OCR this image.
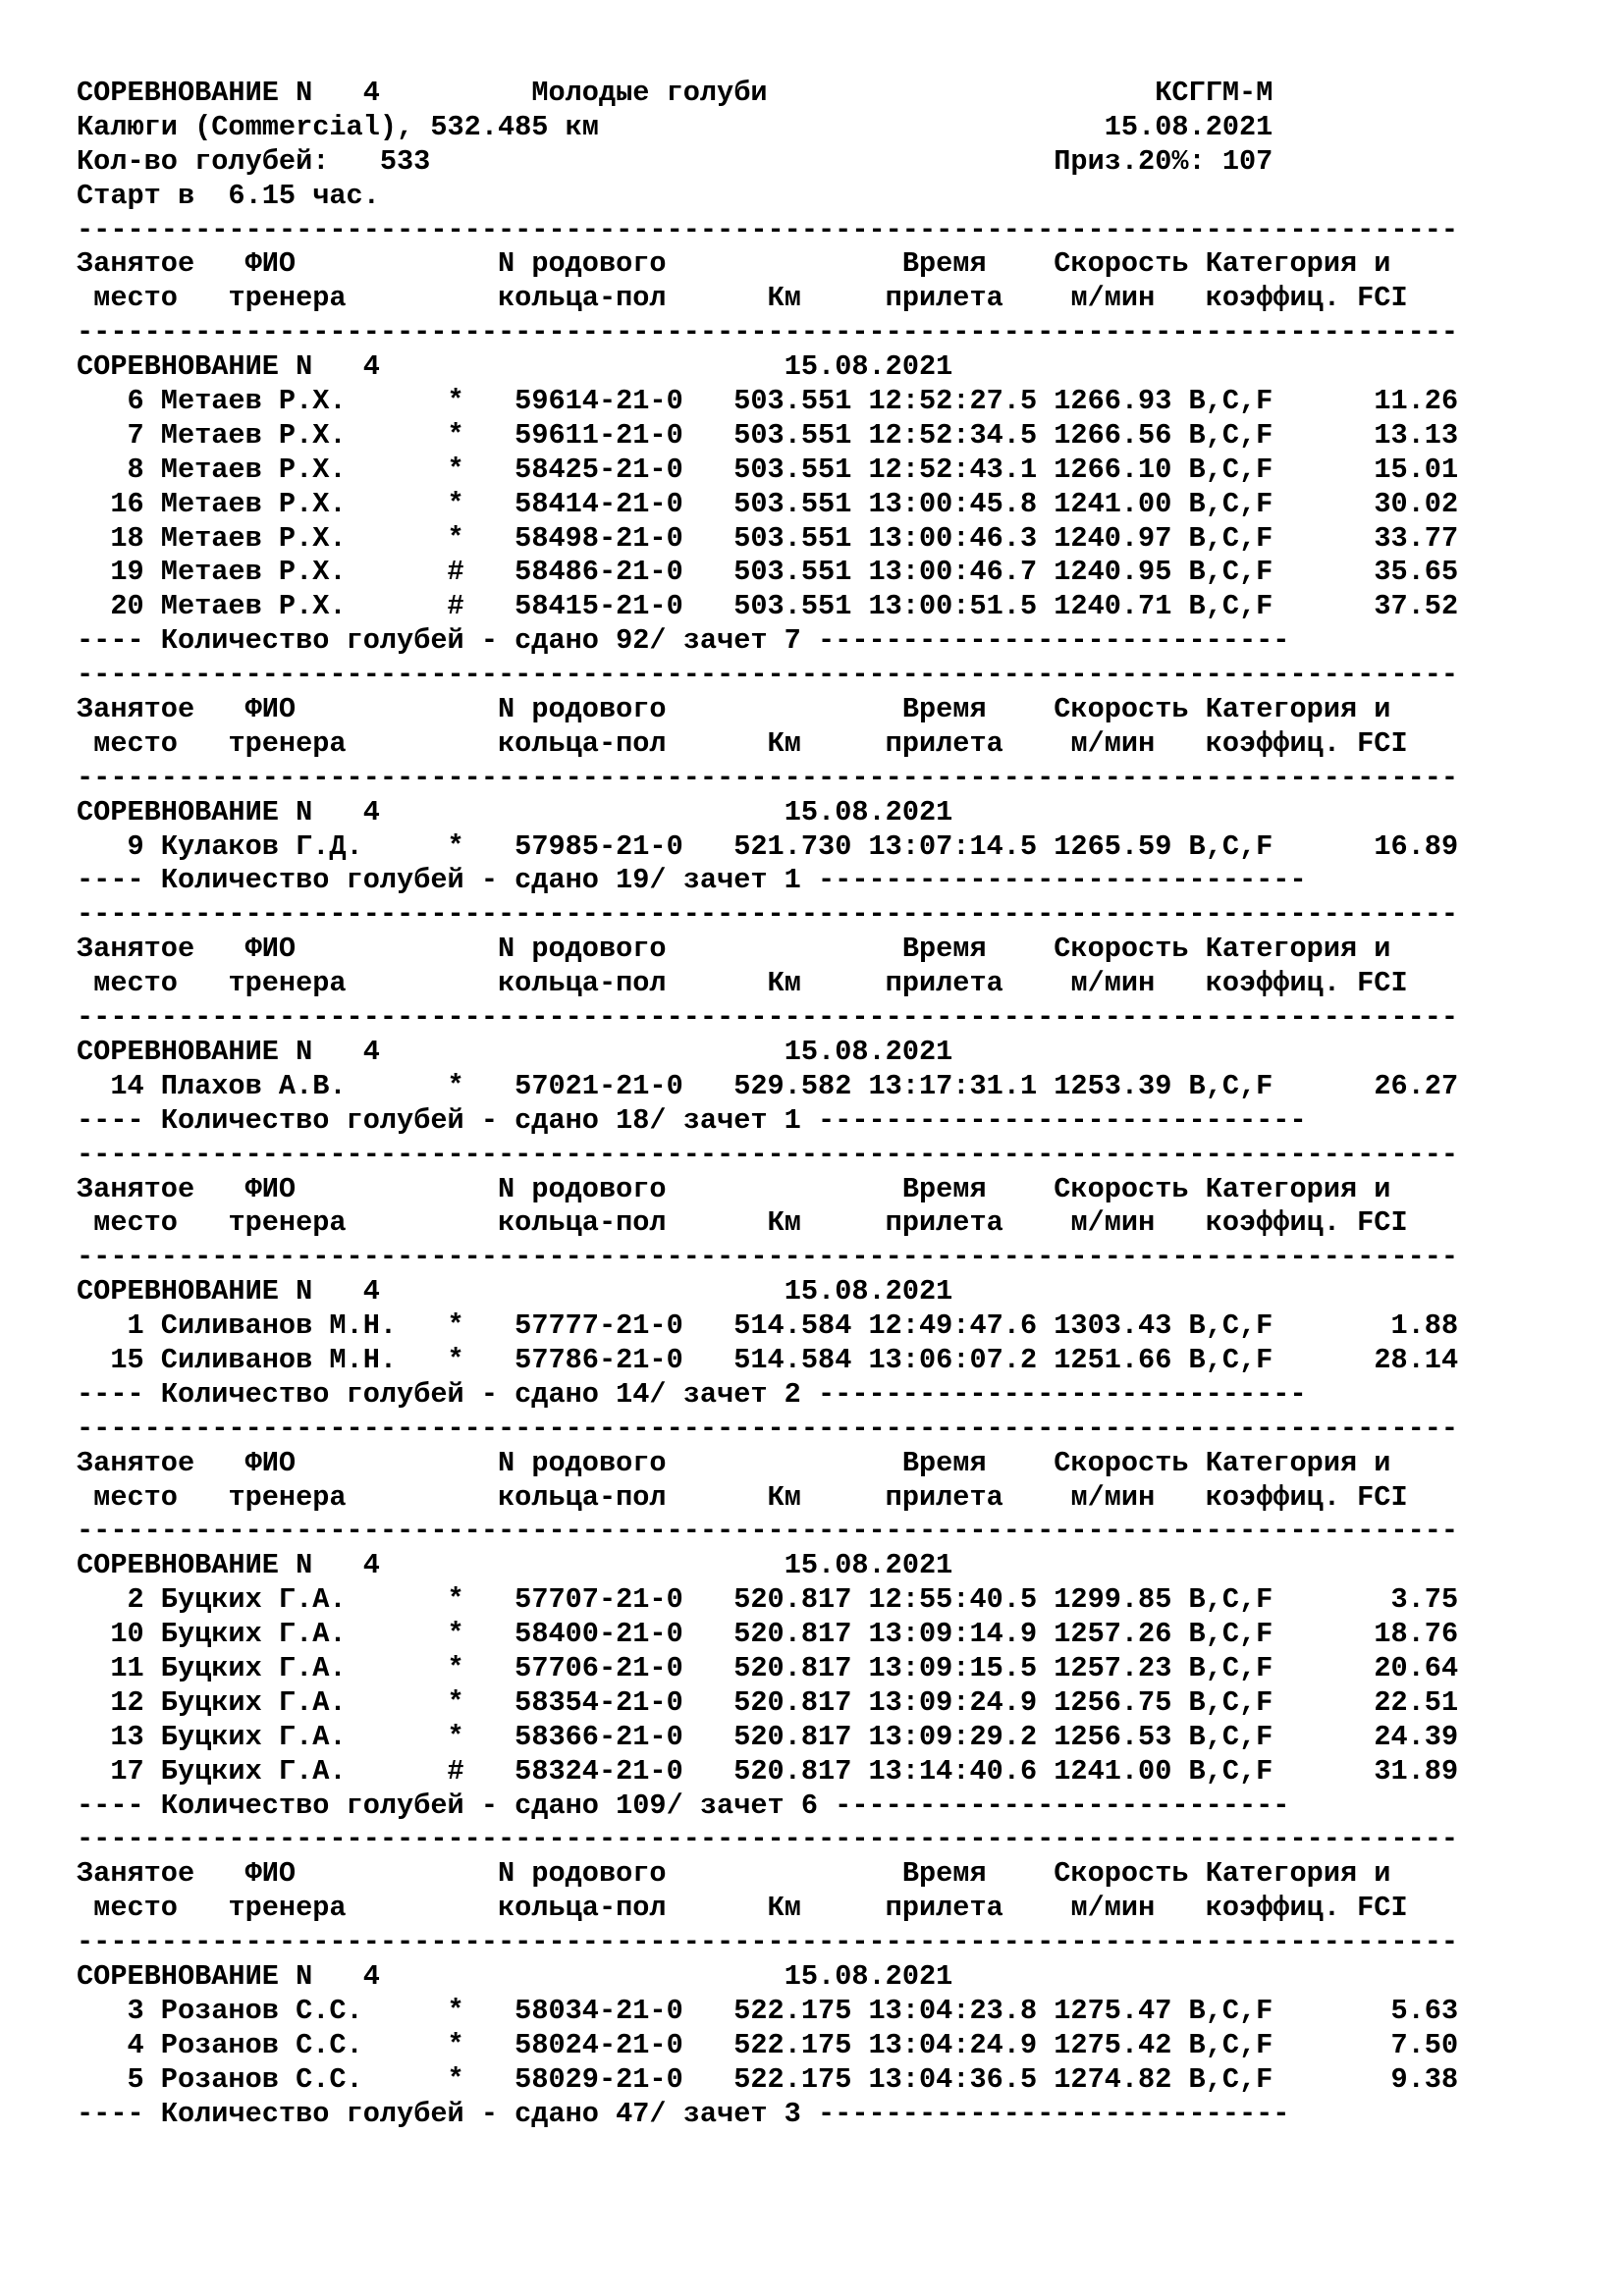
СОРЕВНОВАНИЕ N   4	Молодые голуби	КСГГМ-М
Калюги (Commercial), 532.485 км	15.08.2021
Кол-во голубей:   533	Приз.20%: 107
Старт в  6.15 час.
----------------------------------------------------------------------------------
Занятое ФИО	N родового	Время Скорость Категория и
место тренера	кольца-пол	Км	прилета м/мин коэффиц. FCI
----------------------------------------------------------------------------------
СОРЕВНОВАНИЕ N   4	15.08.2021
6 Метаев Р.Х.	* 59614-21-0 503.551 12:52:27.5 1266.93 B,C,F	11.26
7 Метаев Р.Х.	* 59611-21-0 503.551 12:52:34.5 1266.56 B,C,F	13.13
8 Метаев Р.Х.	* 58425-21-0 503.551 12:52:43.1 1266.10 B,C,F	15.01
16 Метаев Р.Х.	* 58414-21-0 503.551 13:00:45.8 1241.00 B,C,F	30.02
18 Метаев Р.Х.	* 58498-21-0 503.551 13:00:46.3 1240.97 B,C,F	33.77
19 Метаев Р.Х.	# 58486-21-0 503.551 13:00:46.7 1240.95 B,C,F	35.65
20 Метаев Р.Х.	# 58415-21-0 503.551 13:00:51.5 1240.71 B,C,F	37.52
---- Количество голубей - сдано 92/ зачет 7 ----------------------------
----------------------------------------------------------------------------------
Занятое ФИО	N родового	Время Скорость Категория и
место тренера	кольца-пол	Км	прилета м/мин коэффиц. FCI
----------------------------------------------------------------------------------
СОРЕВНОВАНИЕ N   4	15.08.2021
9 Кулаков Г.Д.	* 57985-21-0 521.730 13:07:14.5 1265.59 B,C,F	16.89
---- Количество голубей - сдано 19/ зачет 1 -----------------------------
----------------------------------------------------------------------------------
Занятое ФИО	N родового	Время Скорость Категория и
место тренера	кольца-пол	Км	прилета м/мин коэффиц. FCI
----------------------------------------------------------------------------------
СОРЕВНОВАНИЕ N   4	15.08.2021
14 Плахов А.В.	* 57021-21-0 529.582 13:17:31.1 1253.39 B,C,F	26.27
---- Количество голубей - сдано 18/ зачет 1 -----------------------------
----------------------------------------------------------------------------------
Занятое ФИО	N родового	Время Скорость Категория и
место тренера	кольца-пол	Км	прилета м/мин коэффиц. FCI
----------------------------------------------------------------------------------
СОРЕВНОВАНИЕ N   4	15.08.2021
1 Силиванов М.Н. * 57777-21-0 514.584 12:49:47.6 1303.43 B,C,F	1.88
15 Силиванов М.Н. * 57786-21-0 514.584 13:06:07.2 1251.66 B,C,F	28.14
---- Количество голубей - сдано 14/ зачет 2 -----------------------------
----------------------------------------------------------------------------------
Занятое ФИО	N родового	Время Скорость Категория и
место тренера	кольца-пол	Км	прилета м/мин коэффиц. FCI
----------------------------------------------------------------------------------
СОРЕВНОВАНИЕ N   4	15.08.2021
2 Буцких Г.А.	* 57707-21-0 520.817 12:55:40.5 1299.85 B,C,F	3.75
10 Буцких Г.А.	* 58400-21-0 520.817 13:09:14.9 1257.26 B,C,F	18.76
11 Буцких Г.А.	* 57706-21-0 520.817 13:09:15.5 1257.23 B,C,F	20.64
12 Буцких Г.А.	* 58354-21-0 520.817 13:09:24.9 1256.75 B,C,F	22.51
13 Буцких Г.А.	* 58366-21-0 520.817 13:09:29.2 1256.53 B,C,F	24.39
17 Буцких Г.А.	# 58324-21-0 520.817 13:14:40.6 1241.00 B,C,F	31.89
---- Количество голубей - сдано 109/ зачет 6 ---------------------------
----------------------------------------------------------------------------------
Занятое ФИО	N родового	Время Скорость Категория и
место тренера	кольца-пол	Км	прилета м/мин коэффиц. FCI
----------------------------------------------------------------------------------
СОРЕВНОВАНИЕ N   4	15.08.2021
3 Розанов С.С.	* 58034-21-0 522.175 13:04:23.8 1275.47 B,C,F	5.63
4 Розанов С.С.	* 58024-21-0 522.175 13:04:24.9 1275.42 B,C,F	7.50
5 Розанов С.С.	* 58029-21-0 522.175 13:04:36.5 1274.82 B,C,F	9.38
---- Количество голубей - сдано 47/ зачет 3 ----------------------------
